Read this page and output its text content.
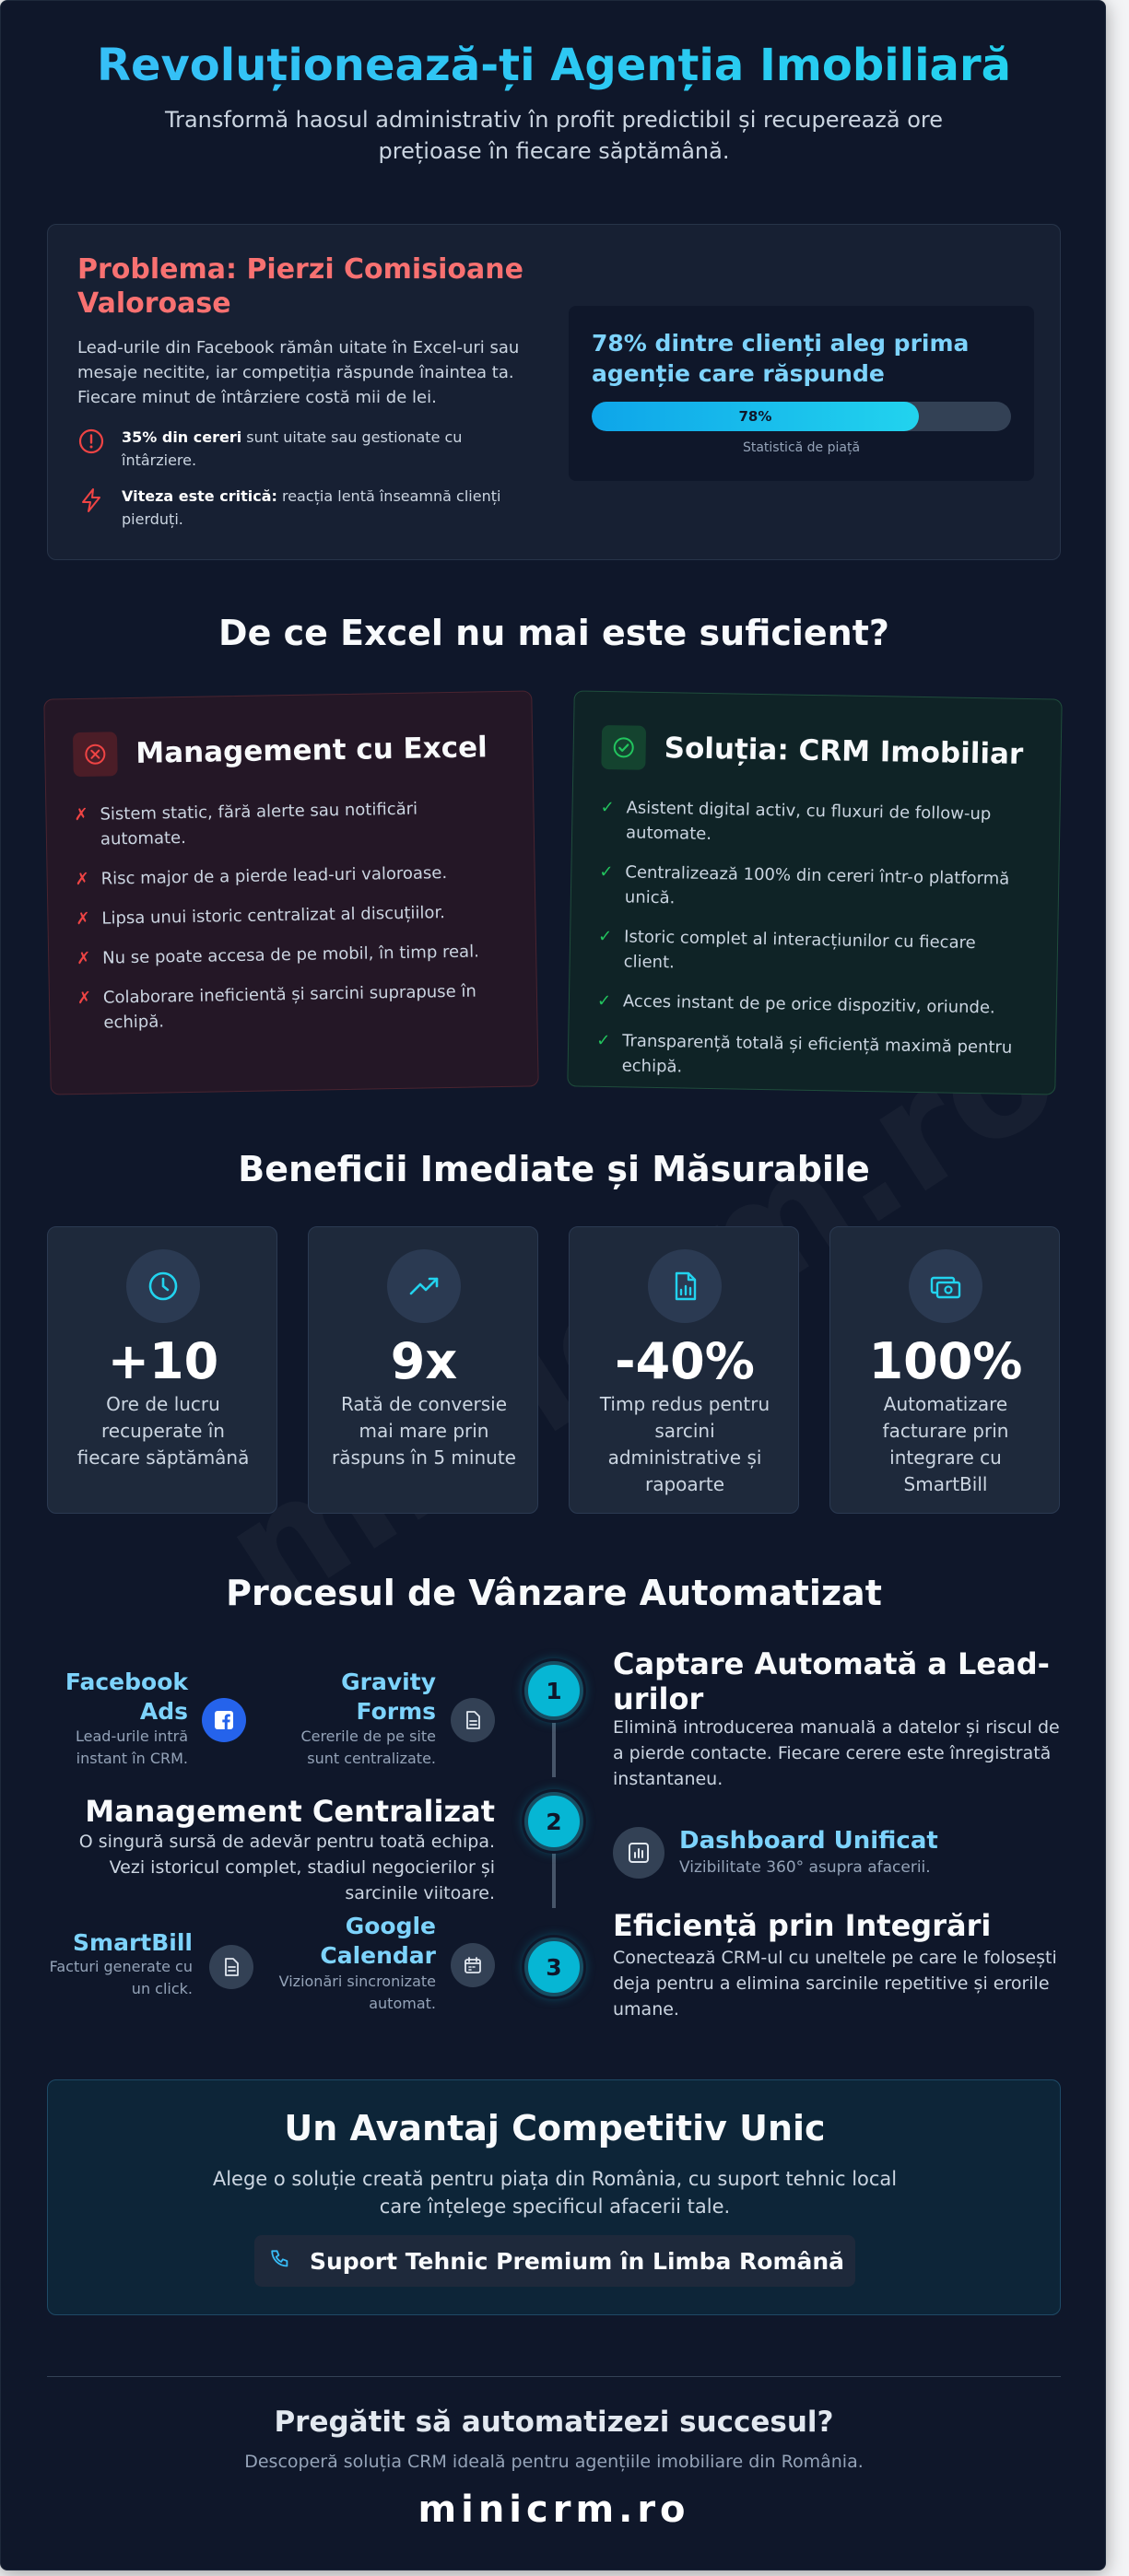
Revoluționează-ți Agenția Imobiliară

Transformă haosul administrativ în profit predictibil și recuperează ore prețioase în fiecare săptămână.

Problema: Pierzi Comisioane Valoroase

Lead-urile din Facebook rămân uitate în Excel-uri sau mesaje necitite, iar competiția răspunde înaintea ta. Fiecare minut de întârziere costă mii de lei.

35% din cereri sunt uitate sau gestionate cu întârziere.
Viteza este critică: reacția lentă înseamnă clienți pierduți.
78% dintre clienți aleg prima agenție care răspunde
78%
Statistică de piață
De ce Excel nu mai este suficient?
Management cu Excel
✗ Sistem static, fără alerte sau notificări automate.
✗ Risc major de a pierde lead-uri valoroase.
✗ Lipsa unui istoric centralizat al discuțiilor.
✗ Nu se poate accesa de pe mobil, în timp real.
✗ Colaborare ineficientă și sarcini suprapuse în echipă.
Soluția: CRM Imobiliar
✓ Asistent digital activ, cu fluxuri de follow-up automate.
✓ Centralizează 100% din cereri într-o platformă unică.
✓ Istoric complet al interacțiunilor cu fiecare client.
✓ Acces instant de pe orice dispozitiv, oriunde.
✓ Transparență totală și eficiență maximă pentru echipă.
Beneficii Imediate și Măsurabile
+10
Ore de lucru recuperate în fiecare săptămână
9x
Rată de conversie mai mare prin răspuns în 5 minute
-40%
Timp redus pentru sarcini administrative și rapoarte
100%
Automatizare facturare prin integrare cu SmartBill
Procesul de Vânzare Automatizat
1
Captare Automată a Lead-urilor
Elimină introducerea manuală a datelor și riscul de a pierde contacte. Fiecare cerere este înregistrată instantaneu.
Facebook Ads
Lead-urile intră instant în CRM.
Gravity Forms
Cererile de pe site sunt centralizate.
2
Management Centralizat
O singură sursă de adevăr pentru toată echipa. Vezi istoricul complet, stadiul negocierilor și sarcinile viitoare.
Dashboard Unificat
Vizibilitate 360° asupra afacerii.
3
Eficiență prin Integrări
Conectează CRM-ul cu uneltele pe care le folosești deja pentru a elimina sarcinile repetitive și erorile umane.
SmartBill
Facturi generate cu un click.
Google Calendar
Vizionări sincronizate automat.
Un Avantaj Competitiv Unic

Alege o soluție creată pentru piața din România, cu suport tehnic local care înțelege specificul afacerii tale.

Suport Tehnic Premium în Limba Română
Pregătit să automatizezi succesul?

Descoperă soluția CRM ideală pentru agențiile imobiliare din România.

minicrm.ro
